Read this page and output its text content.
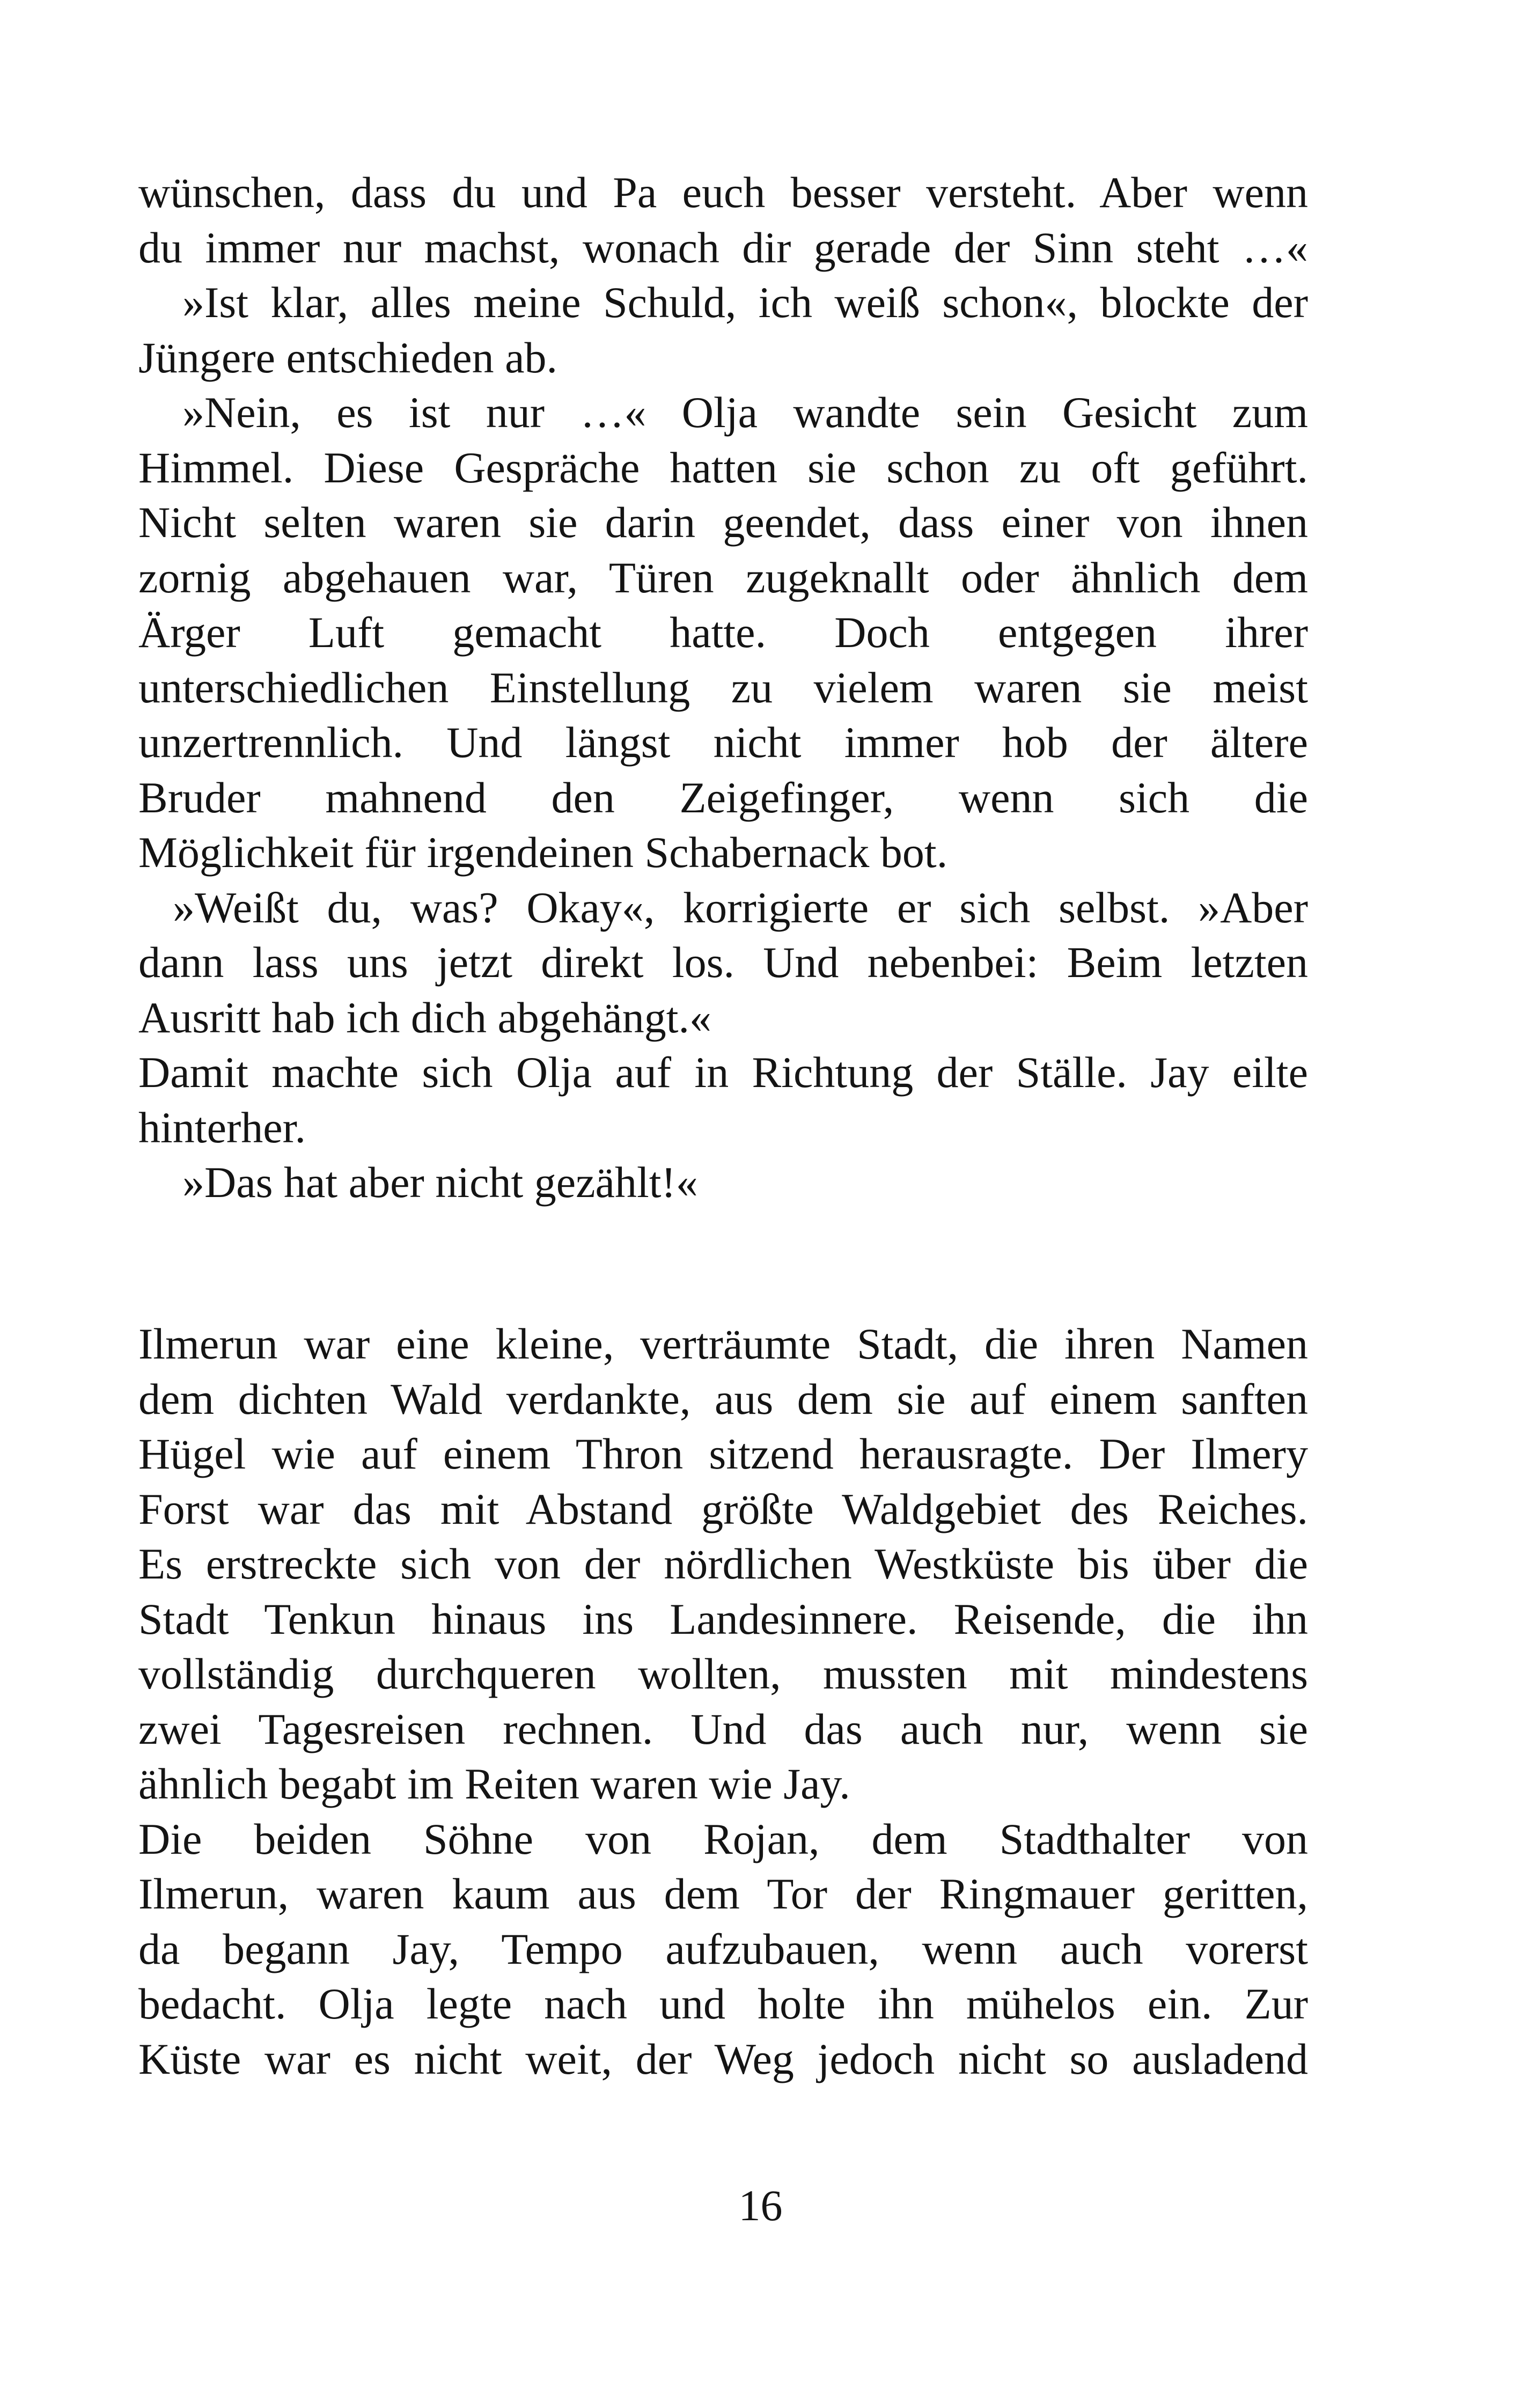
wünschen, dass du und Pa euch besser versteht. Aber wenn
du immer nur machst, wonach dir gerade der Sinn steht …«
»Ist klar, alles meine Schuld, ich weiß schon«, blockte der
Jüngere entschieden ab.
»Nein, es ist nur …« Olja wandte sein Gesicht zum
Himmel. Diese Gespräche hatten sie schon zu oft geführt.
Nicht selten waren sie darin geendet, dass einer von ihnen
zornig abgehauen war, Türen zugeknallt oder ähnlich dem
Ärger Luft gemacht hatte. Doch entgegen ihrer
unterschiedlichen Einstellung zu vielem waren sie meist
unzertrennlich. Und längst nicht immer hob der ältere
Bruder mahnend den Zeigefinger, wenn sich die
Möglichkeit für irgendeinen Schabernack bot.
»Weißt du, was? Okay«, korrigierte er sich selbst. »Aber
dann lass uns jetzt direkt los. Und nebenbei: Beim letzten
Ausritt hab ich dich abgehängt.«
Damit machte sich Olja auf in Richtung der Ställe. Jay eilte
hinterher.
»Das hat aber nicht gezählt!«
Ilmerun war eine kleine, verträumte Stadt, die ihren Namen
dem dichten Wald verdankte, aus dem sie auf einem sanften
Hügel wie auf einem Thron sitzend herausragte. Der Ilmery
Forst war das mit Abstand größte Waldgebiet des Reiches.
Es erstreckte sich von der nördlichen Westküste bis über die
Stadt Tenkun hinaus ins Landesinnere. Reisende, die ihn
vollständig durchqueren wollten, mussten mit mindestens
zwei Tagesreisen rechnen. Und das auch nur, wenn sie
ähnlich begabt im Reiten waren wie Jay.
Die beiden Söhne von Rojan, dem Stadthalter von
Ilmerun, waren kaum aus dem Tor der Ringmauer geritten,
da begann Jay, Tempo aufzubauen, wenn auch vorerst
bedacht. Olja legte nach und holte ihn mühelos ein. Zur
Küste war es nicht weit, der Weg jedoch nicht so ausladend
16
